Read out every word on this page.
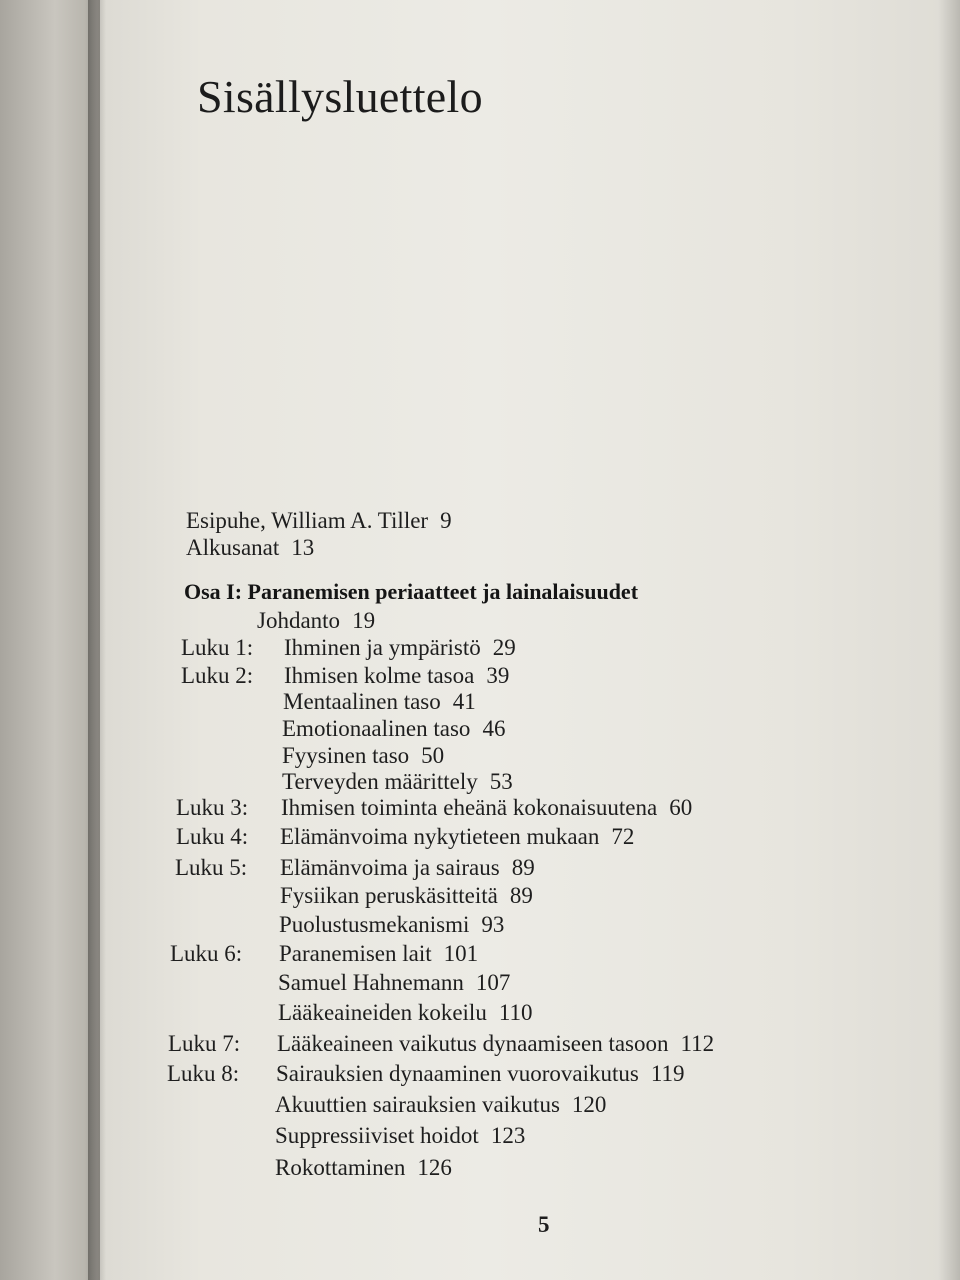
Sisällysluettelo
Esipuhe, William A. Tiller 9
Alkusanat 13
Osa I: Paranemisen periaatteet ja lainalaisuudet
Johdanto 19
Luku 1:
Luku 2:
Luku 3:
Luku 4:
Luku 5:
Luku 6:
Luku 7:
Luku 8:
Ihminen ja ympäristö 29
Ihmisen kolme tasoa 39
Mentaalinen taso 41
Emotionaalinen taso 46
Fyysinen taso 50
Terveyden määrittely 53
Ihmisen toiminta eheänä kokonaisuutena 60
Elämänvoima nykytieteen mukaan 72
Elämänvoima ja sairaus 89
Fysiikan peruskäsitteitä 89
Puolustusmekanismi 93
Paranemisen lait 101
Samuel Hahnemann 107
Lääkeaineiden kokeilu 110
Lääkeaineen vaikutus dynaamiseen tasoon 112
Sairauksien dynaaminen vuorovaikutus 119
Akuuttien sairauksien vaikutus 120
Suppressiiviset hoidot 123
Rokottaminen 126
5
